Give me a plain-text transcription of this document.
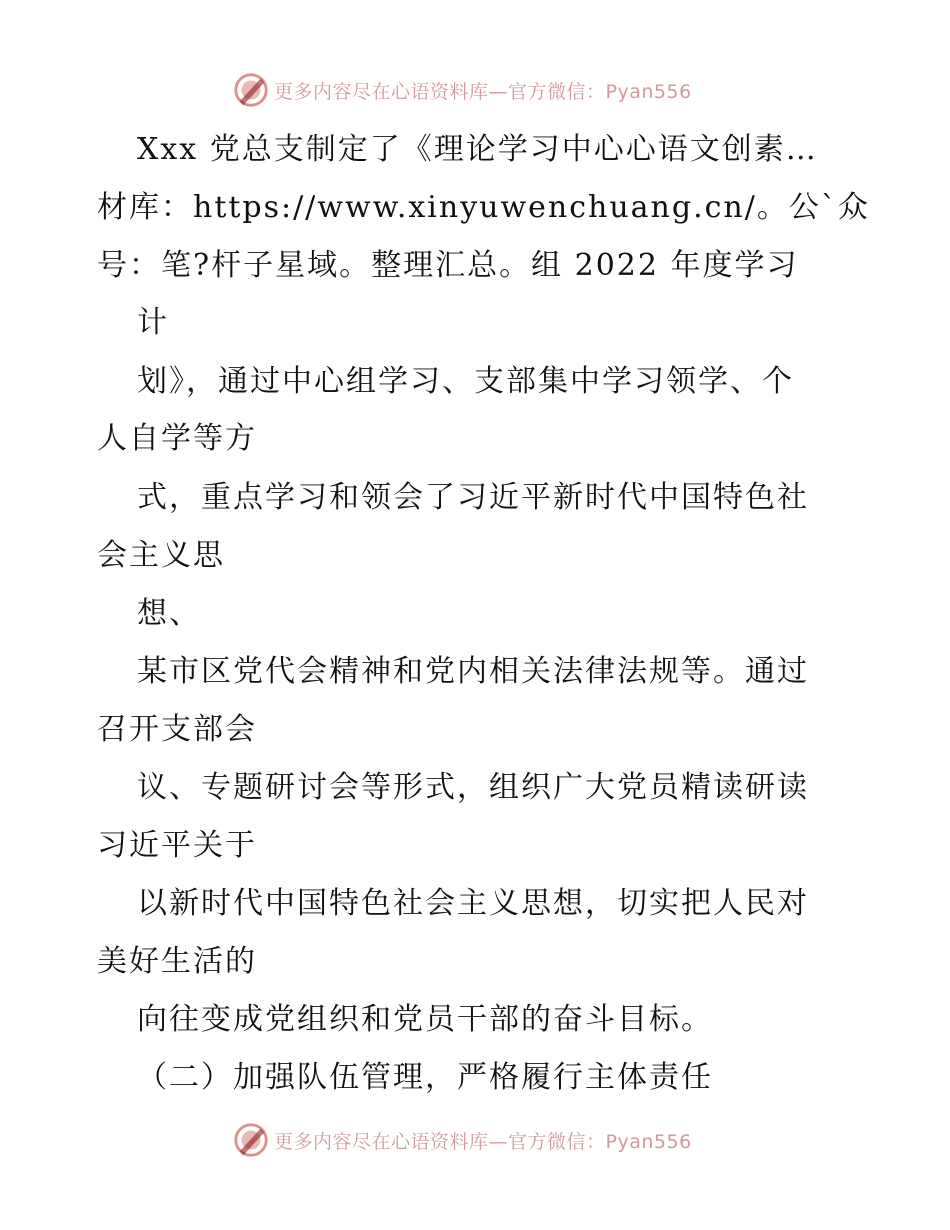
更多内容尽在心语资料库—官方微信：Pyan556
Xxx 党总支制定了《理论学习中心心语文创素…
材库：https://www.xinyuwenchuang.cn/。公`众
号：笔?杆子星域。整理汇总。组 2022 年度学习
计
划》，通过中心组学习、支部集中学习领学、个
人自学等方
式，重点学习和领会了习近平新时代中国特色社
会主义思
想、
某市区党代会精神和党内相关法律法规等。通过
召开支部会
议、专题研讨会等形式，组织广大党员精读研读
习近平关于
以新时代中国特色社会主义思想，切实把人民对
美好生活的
向往变成党组织和党员干部的奋斗目标。
（二）加强队伍管理，严格履行主体责任
更多内容尽在心语资料库—官方微信：Pyan556
